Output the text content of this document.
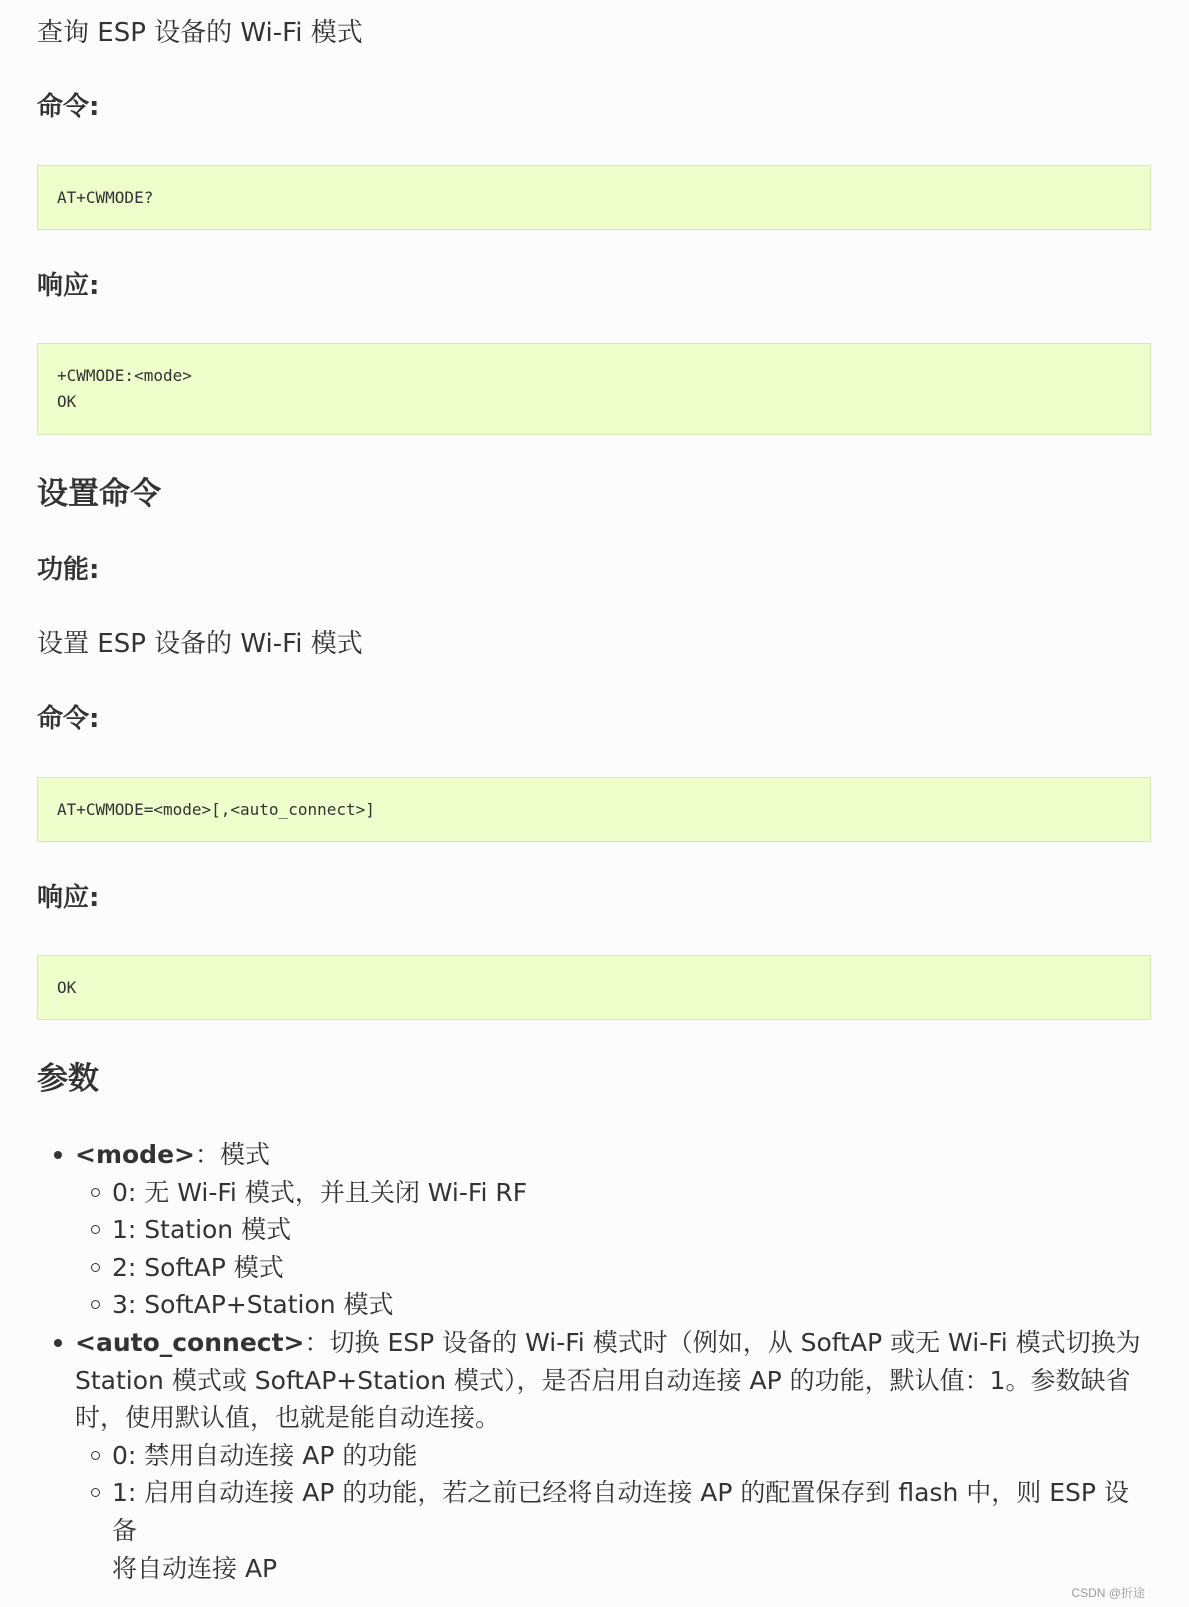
查询 ESP 设备的 Wi-Fi 模式
命令:
AT+CWMODE?
响应:
+CWMODE:<mode>
OK
设置命令
功能:
设置 ESP 设备的 Wi-Fi 模式
命令:
AT+CWMODE=<mode>[,<auto_connect>]
响应:
OK
参数
<mode>：模式
0: 无 Wi-Fi 模式，并且关闭 Wi-Fi RF
1: Station 模式
2: SoftAP 模式
3: SoftAP+Station 模式
<auto_connect>：切换 ESP 设备的 Wi-Fi 模式时（例如，从 SoftAP 或无 Wi-Fi 模式切换为
Station 模式或 SoftAP+Station 模式），是否启用自动连接 AP 的功能，默认值：1。参数缺省
时，使用默认值，也就是能自动连接。
0: 禁用自动连接 AP 的功能
1: 启用自动连接 AP 的功能，若之前已经将自动连接 AP 的配置保存到 flash 中，则 ESP 设备
将自动连接 AP
CSDN @折途
